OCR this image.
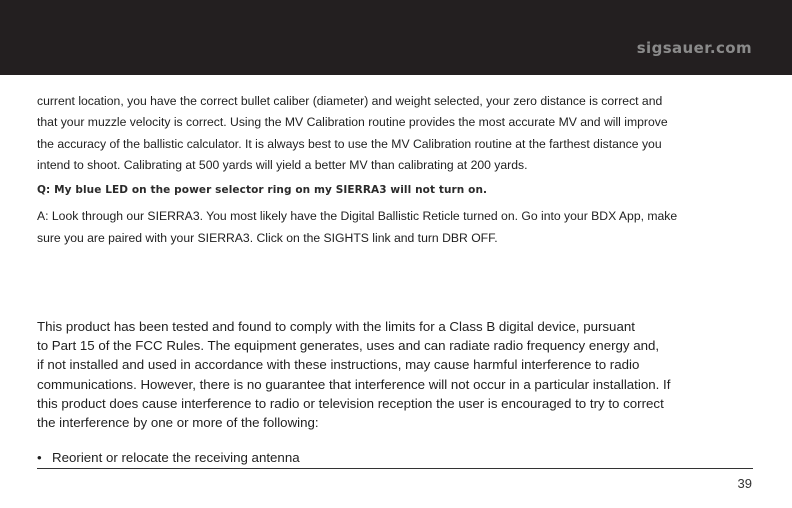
sigsauer.com
current location, you have the correct bullet caliber (diameter) and weight selected, your zero distance is correct and
that your muzzle velocity is correct. Using the MV Calibration routine provides the most accurate MV and will improve
the accuracy of the ballistic calculator. It is always best to use the MV Calibration routine at the farthest distance you
intend to shoot. Calibrating at 500 yards will yield a better MV than calibrating at 200 yards.
Q: My blue LED on the power selector ring on my SIERRA3 will not turn on.
A: Look through our SIERRA3. You most likely have the Digital Ballistic Reticle turned on. Go into your BDX App, make
sure you are paired with your SIERRA3. Click on the SIGHTS link and turn DBR OFF.
This product has been tested and found to comply with the limits for a Class B digital device, pursuant
to Part 15 of the FCC Rules. The equipment generates, uses and can radiate radio frequency energy and,
if not installed and used in accordance with these instructions, may cause harmful interference to radio
communications. However, there is no guarantee that interference will not occur in a particular installation. If
this product does cause interference to radio or television reception the user is encouraged to try to correct
the interference by one or more of the following:
• Reorient or relocate the receiving antenna
39
